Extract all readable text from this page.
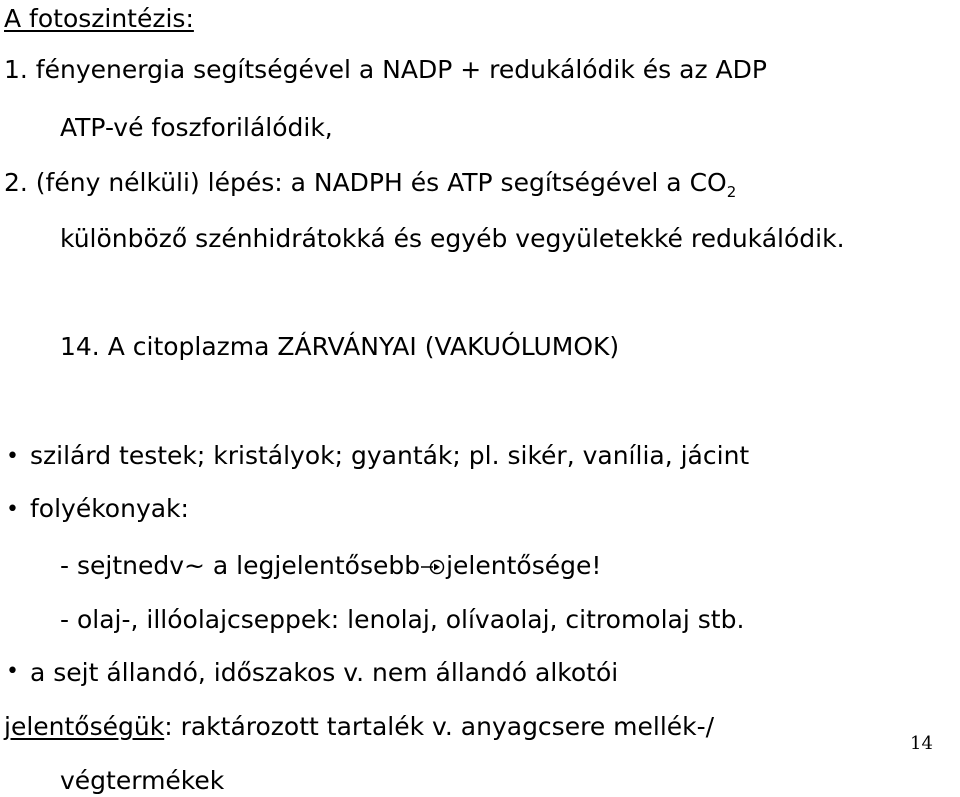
A fotoszintézis:
1. fényenergia segítségével a NADP + redukálódik és az ADP
ATP-vé foszforilálódik,
2. (fény nélküli) lépés: a NADPH és ATP segítségével a $CO_2$
különböző szénhidrátokká és egyéb vegyületekké redukálódik.
14. A citoplazma ZÁRVÁNYAI (VAKUÓLUMOK)
• szilárd testek; kristályok; gyanták; pl. sikér, vanília, jácint
• folyékonyak:
- sejtnedv~ a legjelentősebb jelentősége!
- olaj-, illóolajcseppek: lenolaj, olívaolaj, citromolaj stb.
• a sejt állandó, időszakos v. nem állandó alkotói
jelentőségük: raktározott tartalék v. anyagcsere mellék-/
végtermékek
14
